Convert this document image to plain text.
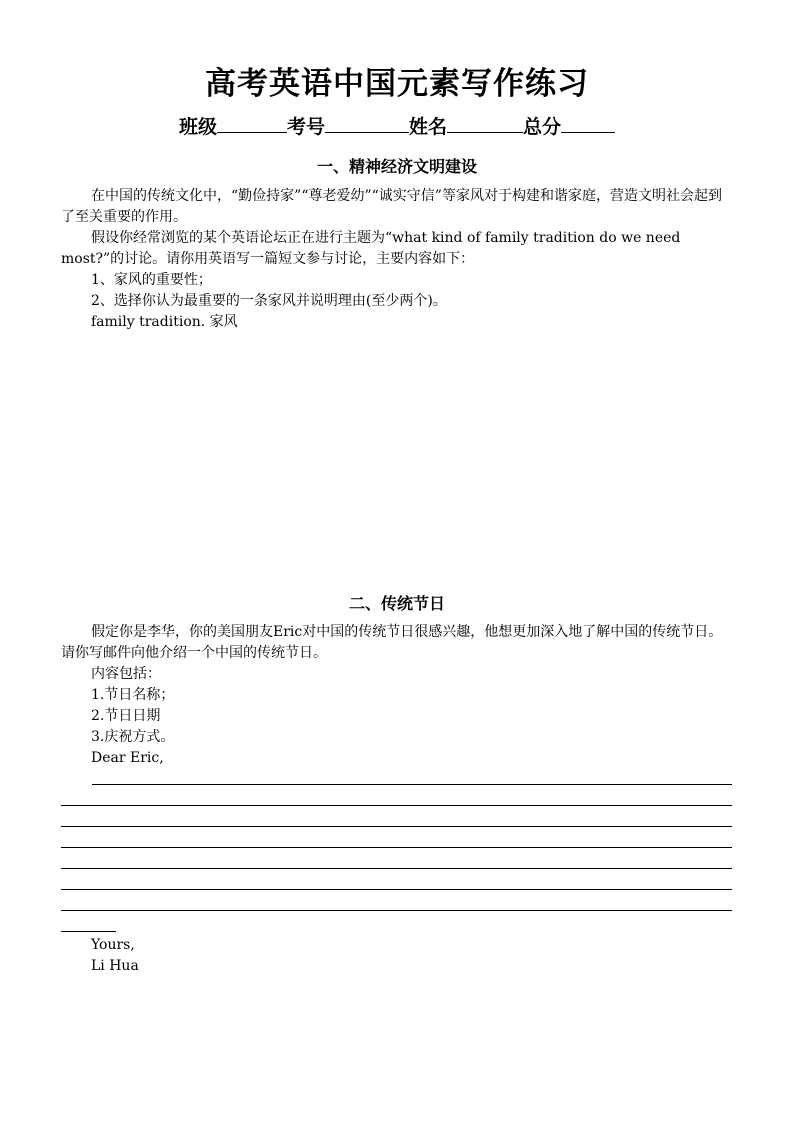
高考英语中国元素写作练习
班级	考号	姓名	总分
一、精神经济文明建设
在中国的传统文化中，“勤俭持家”“尊老爱幼”“诚实守信”等家风对于构建和谐家庭，营造文明社会起到了至关重要的作用。
假设你经常浏览的某个英语论坛正在进行主题为“what kind of family tradition do we need most?”的讨论。请你用英语写一篇短文参与讨论，主要内容如下：
1、家风的重要性；
2、选择你认为最重要的一条家风并说明理由(至少两个)。
family tradition. 家风
二、传统节日
假定你是李华，你的美国朋友Eric对中国的传统节日很感兴趣，他想更加深入地了解中国的传统节日。请你写邮件向他介绍一个中国的传统节日。
内容包括：
1.节日名称；
2.节日日期
3.庆祝方式。
Dear Eric,
Yours,
Li Hua
